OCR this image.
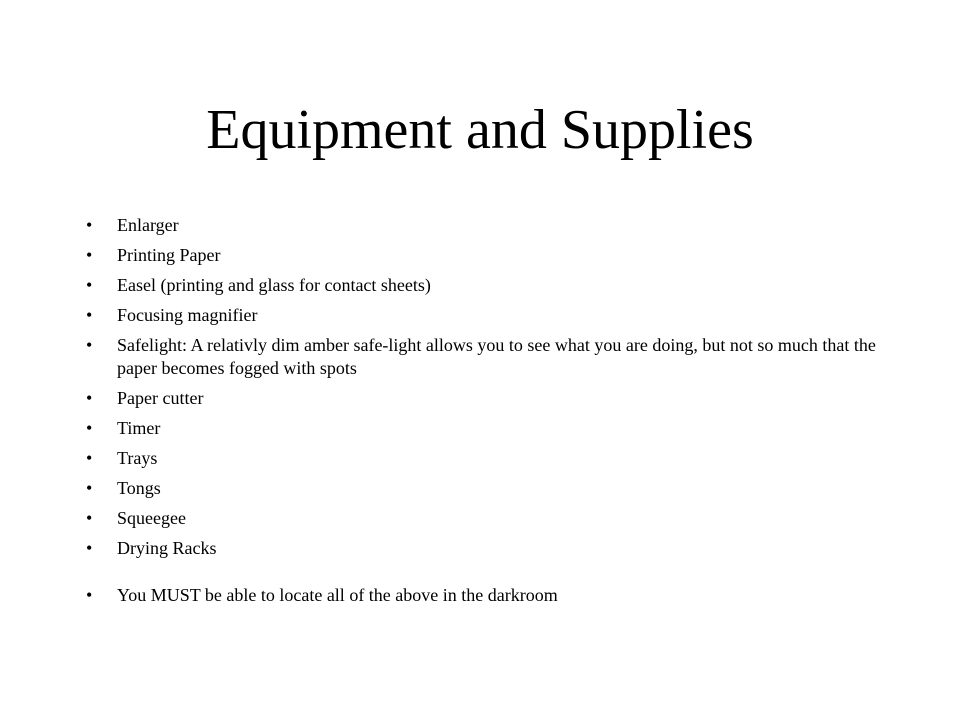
Equipment and Supplies
• Enlarger
• Printing Paper
• Easel (printing and glass for contact sheets)
• Focusing magnifier
• Safelight: A relativly dim amber safe-light allows you to see what you are doing, but not so much that the paper becomes fogged with spots
• Paper cutter
• Timer
• Trays
• Tongs
• Squeegee
• Drying Racks
• You MUST be able to locate all of the above in the darkroom
